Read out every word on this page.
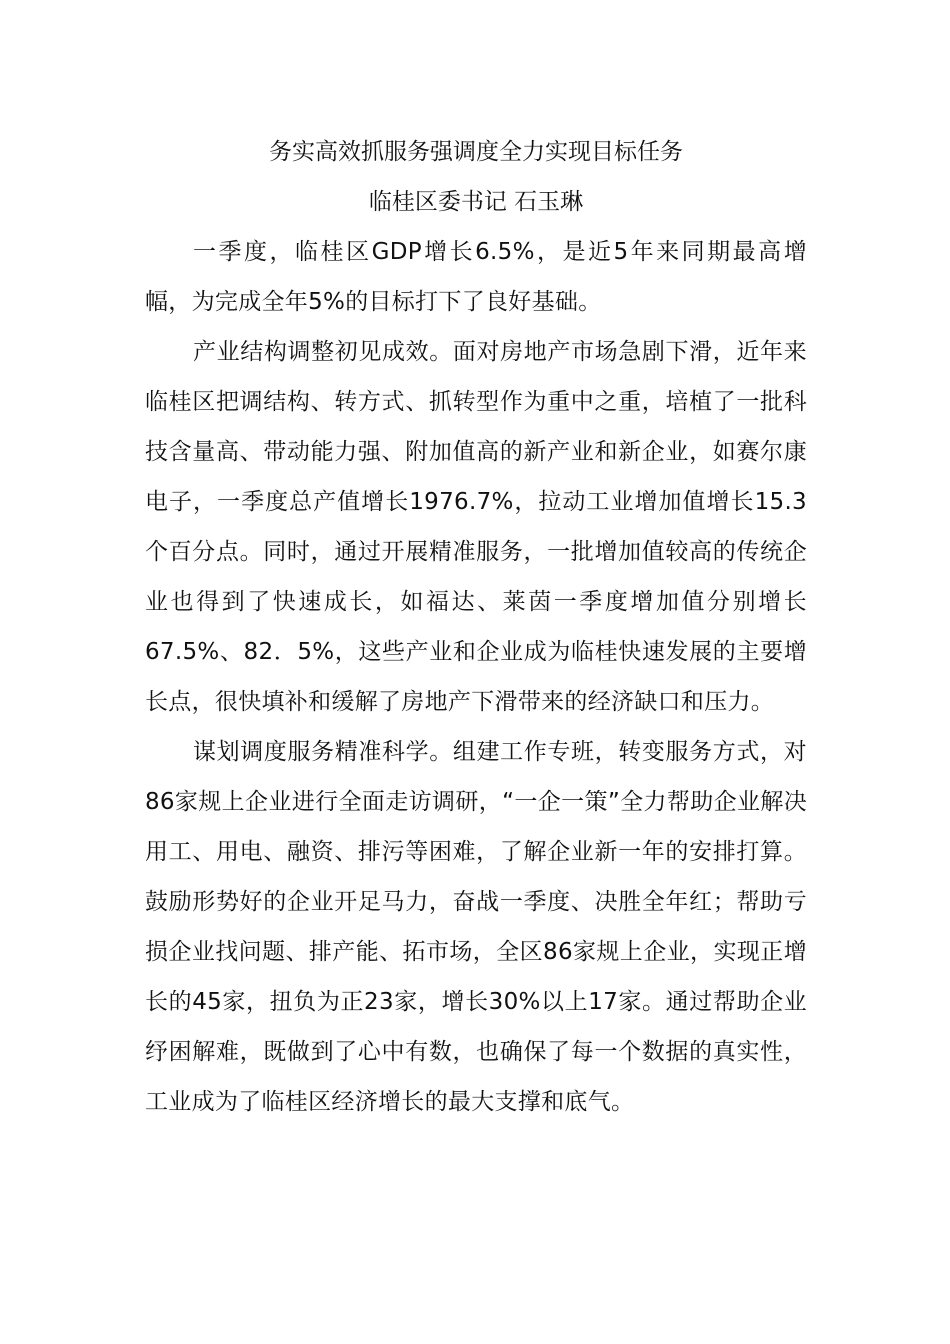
务实高效抓服务强调度全力实现目标任务
临桂区委书记 石玉琳

一季度，临桂区GDP增长6.5%，是近5年来同期最高增幅，为完成全年5%的目标打下了良好基础。

产业结构调整初见成效。面对房地产市场急剧下滑，近年来临桂区把调结构、转方式、抓转型作为重中之重，培植了一批科技含量高、带动能力强、附加值高的新产业和新企业，如赛尔康电子，一季度总产值增长1976.7%，拉动工业增加值增长15.3个百分点。同时，通过开展精准服务，一批增加值较高的传统企业也得到了快速成长，如福达、莱茵一季度增加值分别增长67.5%、82．5%，这些产业和企业成为临桂快速发展的主要增长点，很快填补和缓解了房地产下滑带来的经济缺口和压力。

谋划调度服务精准科学。组建工作专班，转变服务方式，对86家规上企业进行全面走访调研，“一企一策”全力帮助企业解决用工、用电、融资、排污等困难，了解企业新一年的安排打算。鼓励形势好的企业开足马力，奋战一季度、决胜全年红；帮助亏损企业找问题、排产能、拓市场，全区86家规上企业，实现正增长的45家，扭负为正23家，增长30%以上17家。通过帮助企业纾困解难，既做到了心中有数，也确保了每一个数据的真实性，工业成为了临桂区经济增长的最大支撑和底气。
